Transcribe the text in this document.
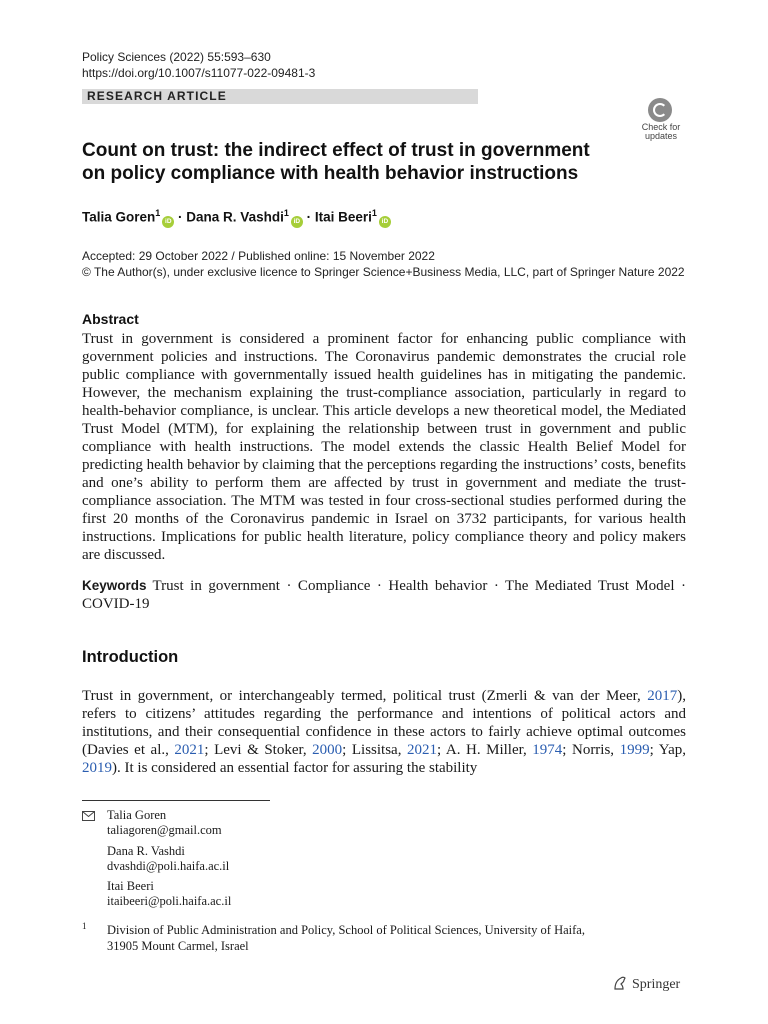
Policy Sciences (2022) 55:593–630
https://doi.org/10.1007/s11077-022-09481-3
RESEARCH ARTICLE
Check for
updates
Count on trust: the indirect effect of trust in government
on policy compliance with health behavior instructions
Talia Goren$^1$iD · Dana R. Vashdi$^1$iD · Itai Beeri$^1$iD
Accepted: 29 October 2022 / Published online: 15 November 2022
© The Author(s), under exclusive licence to Springer Science+Business Media, LLC, part of Springer Nature 2022
Abstract
Trust in government is considered a prominent factor for enhancing public compliance with government policies and instructions. The Coronavirus pandemic demonstrates the crucial role public compliance with governmentally issued health guidelines has in mitigating the pandemic. However, the mechanism explaining the trust-compliance association, particularly in regard to health-behavior compliance, is unclear. This article develops a new theoretical model, the Mediated Trust Model (MTM), for explaining the relationship between trust in government and public compliance with health instructions. The model extends the classic Health Belief Model for predicting health behavior by claiming that the perceptions regarding the instructions’ costs, benefits and one’s ability to perform them are affected by trust in government and mediate the trust-compliance association. The MTM was tested in four cross-sectional studies performed during the first 20 months of the Coronavirus pandemic in Israel on 3732 participants, for various health instructions. Implications for public health literature, policy compliance theory and policy makers are discussed.
Keywords Trust in government · Compliance · Health behavior · The Mediated Trust Model · COVID-19
Introduction
Trust in government, or interchangeably termed, political trust (Zmerli & van der Meer, 2017), refers to citizens’ attitudes regarding the performance and intentions of political actors and institutions, and their consequential confidence in these actors to fairly achieve optimal outcomes (Davies et al., 2021; Levi & Stoker, 2000; Lissitsa, 2021; A. H. Miller, 1974; Norris, 1999; Yap, 2019). It is considered an essential factor for assuring the stability
Talia Goren
taliagoren@gmail.com
Dana R. Vashdi
dvashdi@poli.haifa.ac.il
Itai Beeri
itaibeeri@poli.haifa.ac.il
1 Division of Public Administration and Policy, School of Political Sciences, University of Haifa,
31905 Mount Carmel, Israel
Springer
